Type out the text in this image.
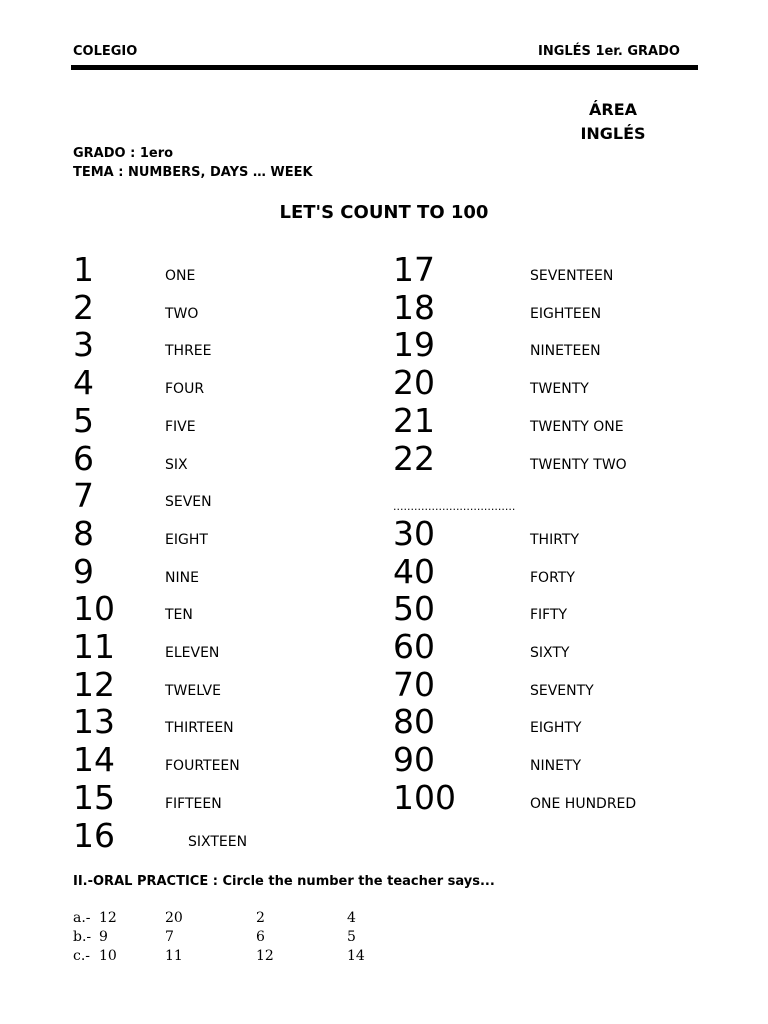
COLEGIO	INGLÉS 1er. GRADO
ÁREA
INGLÉS
GRADO : 1ero
TEMA : NUMBERS, DAYS … WEEK
LET'S COUNT TO 100
1	ONE
2	TWO
3	THREE
4	FOUR
5	FIVE
6	SIX
7	SEVEN
8	EIGHT
9	NINE
10	TEN
11	ELEVEN
12	TWELVE
13	THIRTEEN
14	FOURTEEN
15	FIFTEEN
16	SIXTEEN
17	SEVENTEEN
18	EIGHTEEN
19	NINETEEN
20	TWENTY
21	TWENTY ONE
22	TWENTY TWO
...................................
30	THIRTY
40	FORTY
50	FIFTY
60	SIXTY
70	SEVENTY
80	EIGHTY
90	NINETY
100	ONE HUNDRED
II.-ORAL PRACTICE : Circle the number the teacher says...
a.- 12	20	2	4
b.- 9	7	6	5
c.- 10	11	12	14
